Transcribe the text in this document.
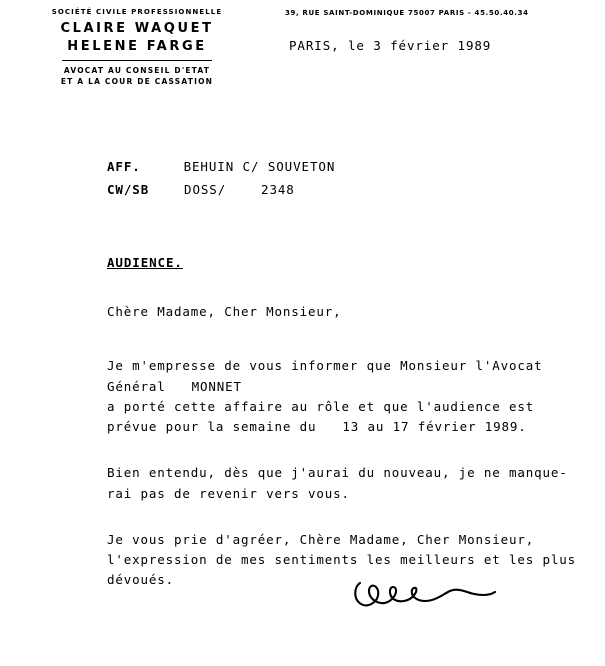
SOCIÉTÉ CIVILE PROFESSIONNELLE
CLAIRE WAQUET
HELENE FARGE
AVOCAT AU CONSEIL D'ETAT
ET A LA COUR DE CASSATION
39, RUE SAINT-DOMINIQUE 75007 PARIS - 45.50.40.34
PARIS, le 3 février 1989
AFF.	BEHUIN C/ SOUVETON
CW/SB	DOSS/	2348
AUDIENCE.

Chère Madame, Cher Monsieur,

Je m'empresse de vous informer que Monsieur l'Avocat
Général MONNET
a porté cette affaire au rôle et que l'audience est
prévue pour la semaine du 13 au 17 février 1989.

Bien entendu, dès que j'aurai du nouveau, je ne manque-
rai pas de revenir vers vous.

Je vous prie d'agréer, Chère Madame, Cher Monsieur,
l'expression de mes sentiments les meilleurs et les plus
dévoués.
